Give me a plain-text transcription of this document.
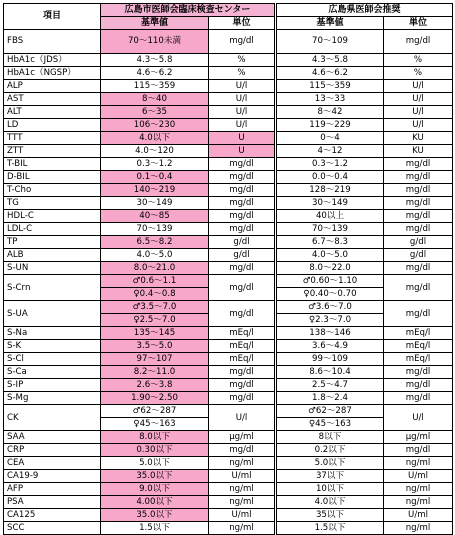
項目	広島市医師会臨床検査センター		広島県医師会推奨	
	基準値	単位	基準値	単位
FBS	70～110未満	mg/dl	70～109	mg/dl
HbA1c（JDS）	4.3～5.8	%	4.3～5.8	%
HbA1c（NGSP）	4.6～6.2	%	4.6～6.2	%
ALP	115～359	U/l	115～359	U/l
AST	8～40	U/l	13～33	U/l
ALT	6～35	U/l	8～42	U/l
LD	106～230	U/l	119～229	U/l
TTT	4.0以下	U	0～4	KU
ZTT	4.0～120	U	4～12	KU
T-BIL	0.3～1.2	mg/dl	0.3～1.2	mg/dl
D-BIL	0.1～0.4	mg/dl	0.0～0.4	mg/dl
T-Cho	140～219	mg/dl	128～219	mg/dl
TG	30～149	mg/dl	30～149	mg/dl
HDL-C	40～85	mg/dl	40以上	mg/dl
LDL-C	70～139	mg/dl	70～139	mg/dl
TP	6.5～8.2	g/dl	6.7～8.3	g/dl
ALB	4.0～5.0	g/dl	4.0～5.0	g/dl
S-UN	8.0～21.0	mg/dl	8.0～22.0	mg/dl
S-Crn	♂0.6～1.1	mg/dl	♂0.60～1.10	mg/dl
	♀0.4～0.8		♀0.40～0.70	
S-UA	♂3.5～7.0	mg/dl	♂3.6～7.0	mg/dl
	♀2.5～7.0		♀2.3～7.0	
S-Na	135～145	mEq/l	138～146	mEq/l
S-K	3.5～5.0	mEq/l	3.6～4.9	mEq/l
S-Cl	97～107	mEq/l	99～109	mEq/l
S-Ca	8.2～11.0	mg/dl	8.6～10.4	mg/dl
S-IP	2.6～3.8	mg/dl	2.5～4.7	mg/dl
S-Mg	1.90～2.50	mg/dl	1.8～2.4	mg/dl
CK	♂62～287	U/l	♂62～287	U/l
	♀45～163		♀45～163	
SAA	8.0以下	μg/ml	8以下	μg/ml
CRP	0.30以下	mg/dl	0.2以下	mg/dl
CEA	5.0以下	ng/ml	5.0以下	ng/ml
CA19-9	35.0以下	U/ml	37以下	U/ml
AFP	9.0以下	ng/ml	10以下	ng/ml
PSA	4.00以下	ng/ml	4.0以下	ng/ml
CA125	35.0以下	U/ml	35以下	U/ml
SCC	1.5以下	ng/ml	1.5以下	ng/ml
